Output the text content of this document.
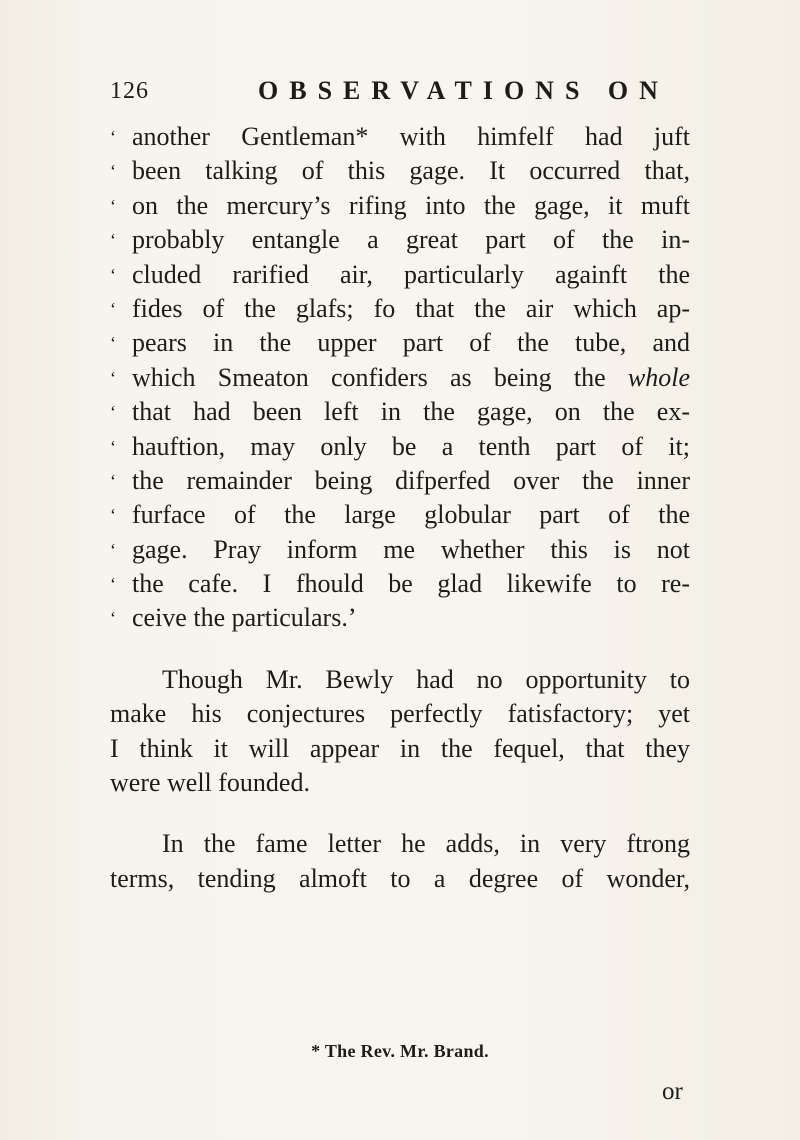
126	OBSERVATIONS ON
‘ another Gentleman* with himfelf had juft
‘ been talking of this gage. It occurred that,
‘ on the mercury’s rifing into the gage, it muft
‘ probably entangle a great part of the in-
‘ cluded rarified air, particularly againft the
‘ fides of the glafs; fo that the air which ap-
‘ pears in the upper part of the tube, and
‘ which Smeaton confiders as being the whole
‘ that had been left in the gage, on the ex-
‘ hauftion, may only be a tenth part of it;
‘ the remainder being difperfed over the inner
‘ furface of the large globular part of the
‘ gage. Pray inform me whether this is not
‘ the cafe. I fhould be glad likewife to re-
‘ ceive the particulars.’
Though Mr. Bewly had no opportunity to
make his conjectures perfectly fatisfactory; yet
I think it will appear in the fequel, that they
were well founded.
In the fame letter he adds, in very ftrong
terms, tending almoft to a degree of wonder,
* The Rev. Mr. Brand.
or
